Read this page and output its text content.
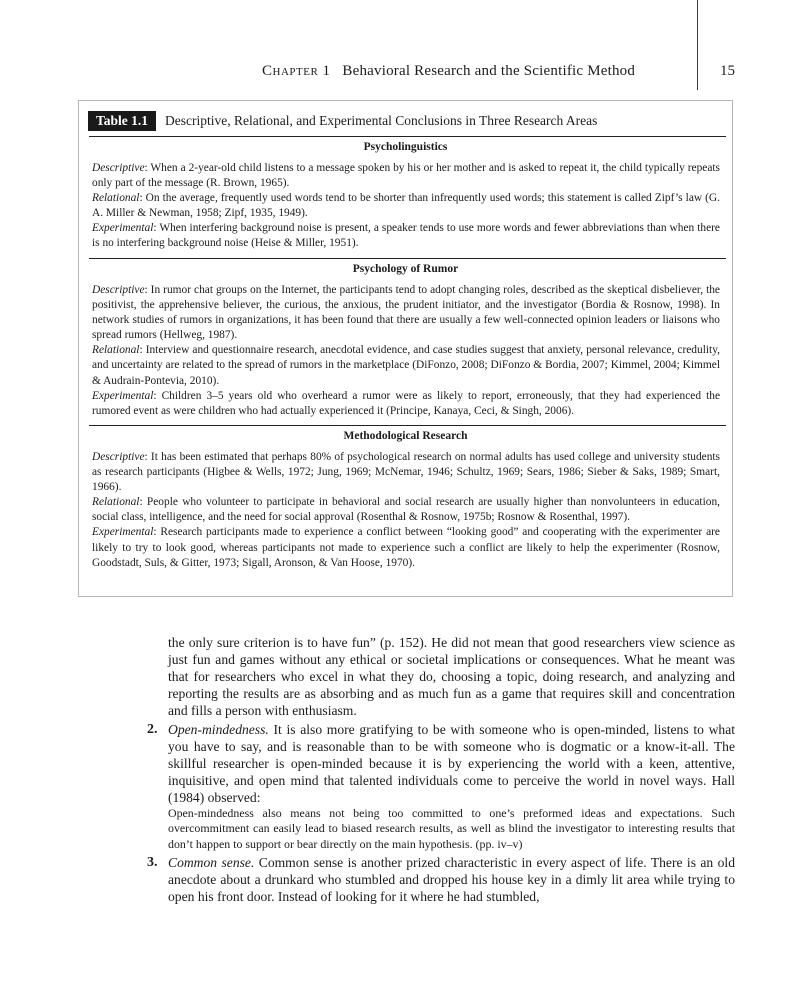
Chapter 1 Behavioral Research and the Scientific Method	15
Table 1.1	Descriptive, Relational, and Experimental Conclusions in Three Research Areas
Psycholinguistics

Descriptive: When a 2-year-old child listens to a message spoken by his or her mother and is asked to repeat it, the child typically repeats only part of the message (R. Brown, 1965).

Relational: On the average, frequently used words tend to be shorter than infrequently used words; this statement is called Zipf’s law (G. A. Miller & Newman, 1958; Zipf, 1935, 1949).

Experimental: When interfering background noise is present, a speaker tends to use more words and fewer abbreviations than when there is no interfering background noise (Heise & Miller, 1951).

Psychology of Rumor

Descriptive: In rumor chat groups on the Internet, the participants tend to adopt changing roles, described as the skeptical disbeliever, the positivist, the apprehensive believer, the curious, the anxious, the prudent initiator, and the investigator (Bordia & Rosnow, 1998). In network studies of rumors in organizations, it has been found that there are usually a few well-connected opinion leaders or liaisons who spread rumors (Hellweg, 1987).

Relational: Interview and questionnaire research, anecdotal evidence, and case studies suggest that anxiety, personal relevance, credulity, and uncertainty are related to the spread of rumors in the marketplace (DiFonzo, 2008; DiFonzo & Bordia, 2007; Kimmel, 2004; Kimmel & Audrain-Pontevia, 2010).

Experimental: Children 3–5 years old who overheard a rumor were as likely to report, erroneously, that they had experienced the rumored event as were children who had actually experienced it (Principe, Kanaya, Ceci, & Singh, 2006).

Methodological Research

Descriptive: It has been estimated that perhaps 80% of psychological research on normal adults has used college and university students as research participants (Higbee & Wells, 1972; Jung, 1969; McNemar, 1946; Schultz, 1969; Sears, 1986; Sieber & Saks, 1989; Smart, 1966).

Relational: People who volunteer to participate in behavioral and social research are usually higher than nonvolunteers in education, social class, intelligence, and the need for social approval (Rosenthal & Rosnow, 1975b; Rosnow & Rosenthal, 1997).

Experimental: Research participants made to experience a conflict between “looking good” and cooperating with the experimenter are likely to try to look good, whereas participants not made to experience such a conflict are likely to help the experimenter (Rosnow, Goodstadt, Suls, & Gitter, 1973; Sigall, Aronson, & Van Hoose, 1970).

the only sure criterion is to have fun” (p. 152). He did not mean that good researchers view science as just fun and games without any ethical or societal implications or consequences. What he meant was that for researchers who excel in what they do, choosing a topic, doing research, and analyzing and reporting the results are as absorbing and as much fun as a game that requires skill and concentration and fills a person with enthusiasm.

2. Open-mindedness. It is also more gratifying to be with someone who is open-minded, listens to what you have to say, and is reasonable than to be with someone who is dogmatic or a know-it-all. The skillful researcher is open-minded because it is by experiencing the world with a keen, attentive, inquisitive, and open mind that talented individuals come to perceive the world in novel ways. Hall (1984) observed:

Open-mindedness also means not being too committed to one’s preformed ideas and expectations. Such overcommitment can easily lead to biased research results, as well as blind the investigator to interesting results that don’t happen to support or bear directly on the main hypothesis. (pp. iv–v)

3. Common sense. Common sense is another prized characteristic in every aspect of life. There is an old anecdote about a drunkard who stumbled and dropped his house key in a dimly lit area while trying to open his front door. Instead of looking for it where he had stumbled,
